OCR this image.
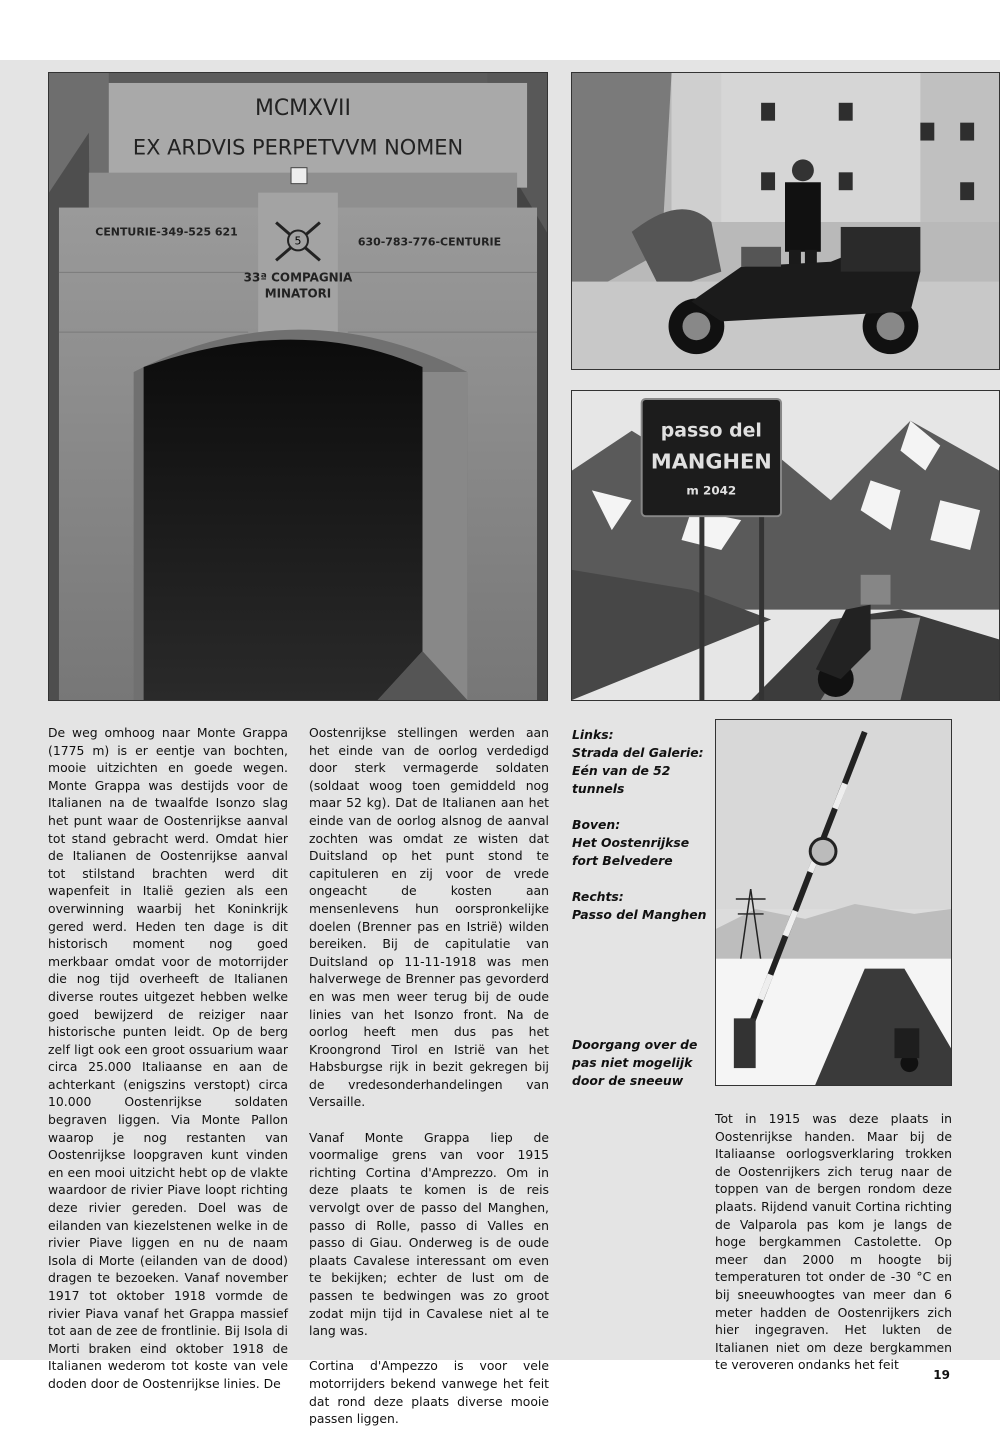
MCMXVII
EX ARDVIS PERPETVVM NOMEN
CENTURIE-349-525 621
630-783-776-CENTURIE
33ª COMPAGNIA
MINATORI
5
passo del
MANGHEN
m 2042

De weg omhoog naar Monte Grappa (1775 m) is er eentje van bochten, mooie uitzichten en goede wegen. Monte Grappa was destijds voor de Italianen na de twaalfde Isonzo slag het punt waar de Oostenrijkse aanval tot stand gebracht werd. Omdat hier de Italianen de Oostenrijkse aanval tot stilstand brachten werd dit wapenfeit in Italië gezien als een overwinning waarbij het Koninkrijk gered werd. Heden ten dage is dit historisch moment nog goed merkbaar omdat voor de motorrijder die nog tijd overheeft de Italianen diverse routes uitgezet hebben welke goed bewijzerd de reiziger naar historische punten leidt. Op de berg zelf ligt ook een groot ossuarium waar circa 25.000 Italiaanse en aan de achterkant (enigszins verstopt) circa 10.000 Oostenrijkse soldaten begraven liggen. Via Monte Pallon waarop je nog restanten van Oostenrijkse loopgraven kunt vinden en een mooi uitzicht hebt op de vlakte waardoor de rivier Piave loopt richting deze rivier gereden. Doel was de eilanden van kiezelstenen welke in de rivier Piave liggen en nu de naam Isola di Morte (eilanden van de dood) dragen te bezoeken. Vanaf november 1917 tot oktober 1918 vormde de rivier Piava vanaf het Grappa massief tot aan de zee de frontlinie. Bij Isola di Morti braken eind oktober 1918 de Italianen wederom tot koste van vele doden door de Oostenrijkse linies. De

Oostenrijkse stellingen werden aan het einde van de oorlog verdedigd door sterk vermagerde soldaten (soldaat woog toen gemiddeld nog maar 52 kg). Dat de Italianen aan het einde van de oorlog alsnog de aanval zochten was omdat ze wisten dat Duitsland op het punt stond te capituleren en zij voor de vrede ongeacht de kosten aan mensenlevens hun oorspronkelijke doelen (Brenner pas en Istrië) wilden bereiken. Bij de capitulatie van Duitsland op 11-11-1918 was men halverwege de Brenner pas gevorderd en was men weer terug bij de oude linies van het Isonzo front. Na de oorlog heeft men dus pas het Kroongrond Tirol en Istrië van het Habsburgse rijk in bezit gekregen bij de vredesonderhandelingen van Versaille.

Vanaf Monte Grappa liep de voormalige grens van voor 1915 richting Cortina d'Amprezzo. Om in deze plaats te komen is de reis vervolgt over de passo del Manghen, passo di Rolle, passo di Valles en passo di Giau. Onderweg is de oude plaats Cavalese interessant om even te bekijken; echter de lust om de passen te bedwingen was zo groot zodat mijn tijd in Cavalese niet al te lang was.

Cortina d'Ampezzo is voor vele motorrijders bekend vanwege het feit dat rond deze plaats diverse mooie passen liggen.

Links:

Strada del Galerie: Eén van de 52 tunnels

Boven:

Het Oostenrijkse fort Belvedere

Rechts:

Passo del Manghen

Doorgang over de pas niet mogelijk door de sneeuw

Tot in 1915 was deze plaats in Oostenrijkse handen. Maar bij de Italiaanse oorlogsverklaring trokken de Oostenrijkers zich terug naar de toppen van de bergen rondom deze plaats. Rijdend vanuit Cortina richting de Valparola pas kom je langs de hoge bergkammen Castolette. Op meer dan 2000 m hoogte bij temperaturen tot onder de -30 °C en bij sneeuwhoogtes van meer dan 6 meter hadden de Oostenrijkers zich hier ingegraven. Het lukten de Italianen niet om deze bergkammen te veroveren ondanks het feit

19
